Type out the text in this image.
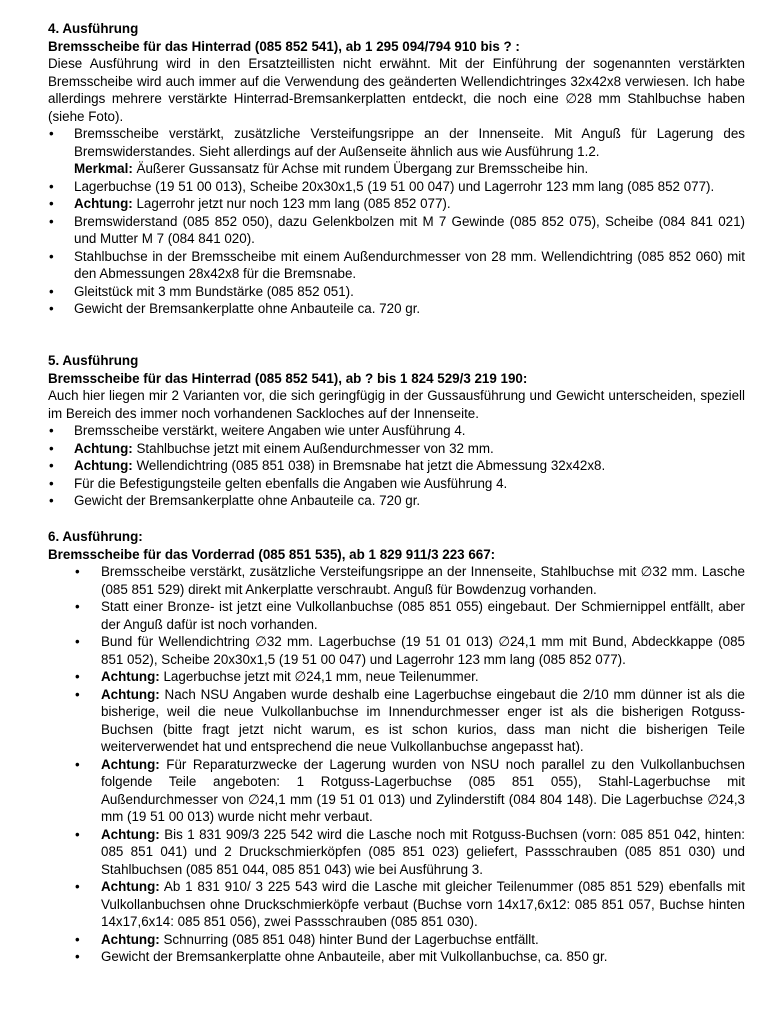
4. Ausführung

Bremsscheibe für das Hinterrad (085 852 541), ab 1 295 094/794 910 bis ? :

Diese Ausführung wird in den Ersatzteillisten nicht erwähnt. Mit der Einführung der sogenannten verstärkten Bremsscheibe wird auch immer auf die Verwendung des geänderten Wellendichtringes 32x42x8 verwiesen. Ich habe allerdings mehrere verstärkte Hinterrad-Bremsankerplatten entdeckt, die noch eine ∅28 mm Stahlbuchse haben (siehe Foto).

• Bremsscheibe verstärkt, zusätzliche Versteifungsrippe an der Innenseite. Mit Anguß für Lagerung des Bremswiderstandes. Sieht allerdings auf der Außenseite ähnlich aus wie Ausführung 1.2.
Merkmal: Äußerer Gussansatz für Achse mit rundem Übergang zur Bremsscheibe hin.
• Lagerbuchse (19 51 00 013), Scheibe 20x30x1,5 (19 51 00 047) und Lagerrohr 123 mm lang (085 852 077).
• Achtung: Lagerrohr jetzt nur noch 123 mm lang (085 852 077).
• Bremswiderstand (085 852 050), dazu Gelenkbolzen mit M 7 Gewinde (085 852 075), Scheibe (084 841 021) und Mutter M 7 (084 841 020).
• Stahlbuchse in der Bremsscheibe mit einem Außendurchmesser von 28 mm. Wellendichtring (085 852 060) mit den Abmessungen 28x42x8 für die Bremsnabe.
• Gleitstück mit 3 mm Bundstärke (085 852 051).
• Gewicht der Bremsankerplatte ohne Anbauteile ca. 720 gr.

5. Ausführung

Bremsscheibe für das Hinterrad (085 852 541), ab ? bis 1 824 529/3 219 190:

Auch hier liegen mir 2 Varianten vor, die sich geringfügig in der Gussausführung und Gewicht unterscheiden, speziell im Bereich des immer noch vorhandenen Sackloches auf der Innenseite.

• Bremsscheibe verstärkt, weitere Angaben wie unter Ausführung 4.
• Achtung: Stahlbuchse jetzt mit einem Außendurchmesser von 32 mm.
• Achtung: Wellendichtring (085 851 038) in Bremsnabe hat jetzt die Abmessung 32x42x8.
• Für die Befestigungsteile gelten ebenfalls die Angaben wie Ausführung 4.
• Gewicht der Bremsankerplatte ohne Anbauteile ca. 720 gr.

6. Ausführung:

Bremsscheibe für das Vorderrad (085 851 535), ab 1 829 911/3 223 667:

• Bremsscheibe verstärkt, zusätzliche Versteifungsrippe an der Innenseite, Stahlbuchse mit ∅32 mm. Lasche (085 851 529) direkt mit Ankerplatte verschraubt. Anguß für Bowdenzug vorhanden.
• Statt einer Bronze- ist jetzt eine Vulkollanbuchse (085 851 055) eingebaut. Der Schmiernippel entfällt, aber der Anguß dafür ist noch vorhanden.
• Bund für Wellendichtring ∅32 mm. Lagerbuchse (19 51 01 013) ∅24,1 mm mit Bund, Abdeckkappe (085 851 052), Scheibe 20x30x1,5 (19 51 00 047) und Lagerrohr 123 mm lang (085 852 077).
• Achtung: Lagerbuchse jetzt mit ∅24,1 mm, neue Teilenummer.
• Achtung: Nach NSU Angaben wurde deshalb eine Lagerbuchse eingebaut die 2/10 mm dünner ist als die bisherige, weil die neue Vulkollanbuchse im Innendurchmesser enger ist als die bisherigen Rotguss-Buchsen (bitte fragt jetzt nicht warum, es ist schon kurios, dass man nicht die bisherigen Teile weiterverwendet hat und entsprechend die neue Vulkollanbuchse angepasst hat).
• Achtung: Für Reparaturzwecke der Lagerung wurden von NSU noch parallel zu den Vulkollanbuchsen folgende Teile angeboten: 1 Rotguss-Lagerbuchse (085 851 055), Stahl-Lagerbuchse mit Außendurchmesser von ∅24,1 mm (19 51 01 013) und Zylinderstift (084 804 148). Die Lagerbuchse ∅24,3 mm (19 51 00 013) wurde nicht mehr verbaut.
• Achtung: Bis 1 831 909/3 225 542 wird die Lasche noch mit Rotguss-Buchsen (vorn: 085 851 042, hinten: 085 851 041) und 2 Druckschmierköpfen (085 851 023) geliefert, Passschrauben (085 851 030) und Stahlbuchsen (085 851 044, 085 851 043) wie bei Ausführung 3.
• Achtung: Ab 1 831 910/ 3 225 543 wird die Lasche mit gleicher Teilenummer (085 851 529) ebenfalls mit Vulkollanbuchsen ohne Druckschmierköpfe verbaut (Buchse vorn 14x17,6x12: 085 851 057, Buchse hinten 14x17,6x14: 085 851 056), zwei Passschrauben (085 851 030).
• Achtung: Schnurring (085 851 048) hinter Bund der Lagerbuchse entfällt.
• Gewicht der Bremsankerplatte ohne Anbauteile, aber mit Vulkollanbuchse, ca. 850 gr.
